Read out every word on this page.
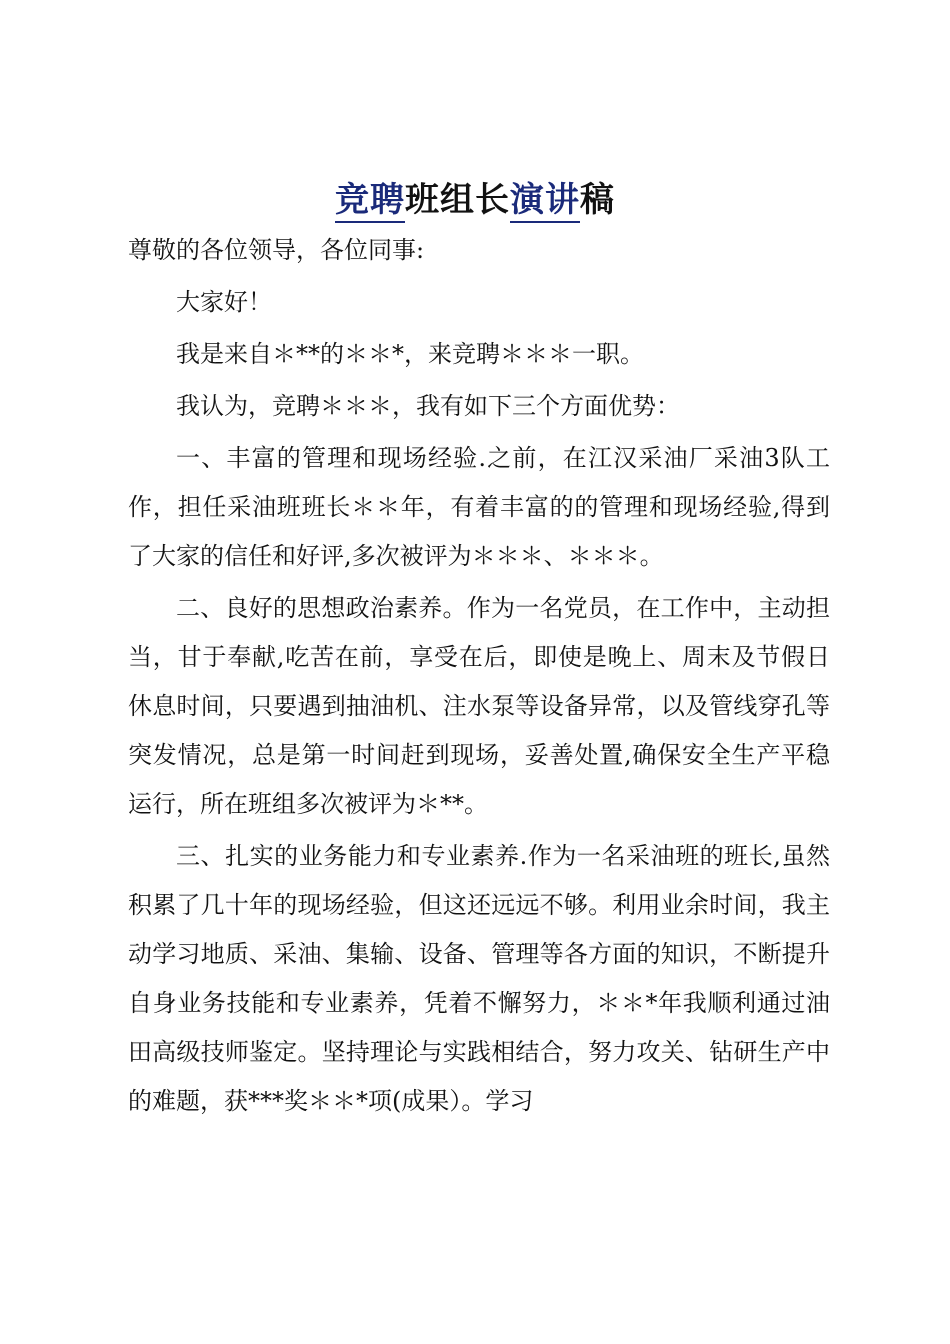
竞聘班组长演讲稿

尊敬的各位领导，各位同事:

大家好！

我是来自＊**的＊＊*，来竞聘＊＊＊一职。

我认为，竞聘＊＊＊，我有如下三个方面优势：

一、丰富的管理和现场经验.之前，在江汉采油厂采油3队工作，担任采油班班长＊＊年，有着丰富的的管理和现场经验,得到了大家的信任和好评,多次被评为＊＊＊、＊＊＊。

二、良好的思想政治素养。作为一名党员，在工作中，主动担当，甘于奉献,吃苦在前，享受在后，即使是晚上、周末及节假日休息时间，只要遇到抽油机、注水泵等设备异常，以及管线穿孔等突发情况，总是第一时间赶到现场，妥善处置,确保安全生产平稳运行，所在班组多次被评为＊**。

三、扎实的业务能力和专业素养.作为一名采油班的班长,虽然积累了几十年的现场经验，但这还远远不够。利用业余时间，我主动学习地质、采油、集输、设备、管理等各方面的知识，不断提升自身业务技能和专业素养，凭着不懈努力，＊＊*年我顺利通过油田高级技师鉴定。坚持理论与实践相结合，努力攻关、钻研生产中的难题，获***奖＊＊*项(成果）。学习
